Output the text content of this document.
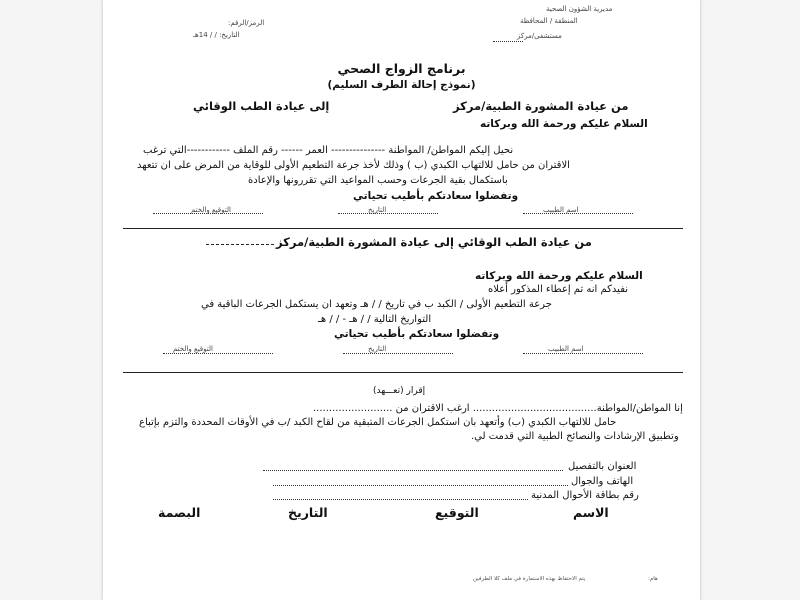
مديرية الشؤون الصحية
المنطقة / المحافظة
مستشفى/مركز
الرمز/الرقم:
التاريخ: / / 14هـ
برنامج الزواج الصحي
(نموذج إحالة الطرف السليم)
من عيادة المشورة الطبية/مركز
إلى عيادة الطب الوقائي
السلام عليكم ورحمة الله وبركاته
نحيل إليكم المواطن/ المواطنة --------------- العمر ------ رقم الملف ------------التي ترغب
الاقتران من حامل للالتهاب الكبدي (ب ) وذلك لأخذ جرعة التطعيم الأولى للوقاية من المرض على ان تتعهد
باستكمال بقية الجرعات وحسب المواعيد التي تقررونها والإعادة
وتفضلوا سعادتكم بأطيب تحياتي
اسم الطبيب
التاريخ
التوقيع والختم
من عيادة الطب الوقائي إلى عيادة المشورة الطبية/مركز
السلام عليكم ورحمة الله وبركاته
نفيدكم انه تم إعطاء المذكور أعلاه
جرعة التطعيم الأولى / الكبد ب في تاريخ / / هـ وتعهد ان يستكمل الجرعات الباقية في
التواريخ التالية / / هـ - / / هـ
وتفضلوا سعادتكم بأطيب تحياتي
اسم الطبيب
التاريخ
التوقيع والختم
إقرار (تعـــهد)
إنا المواطن/المواطنة....................................... ارغب الاقتران من .........................
حامل للالتهاب الكبدي (ب) وأتعهد بان استكمل الجرعات المتبقية من لقاح الكبد /ب في الأوقات المحددة والتزم بإتباع
وتطبيق الإرشادات والنصائح الطبية التي قدمت لي.
العنوان بالتفصيل
الهاتف والجوال
رقم بطاقة الأحوال المدنية
الاسم
التوقيع
التاريخ
البصمة
يتم الاحتفاظ بهذه الاستمارة في ملف كلا الطرفين	هام:
